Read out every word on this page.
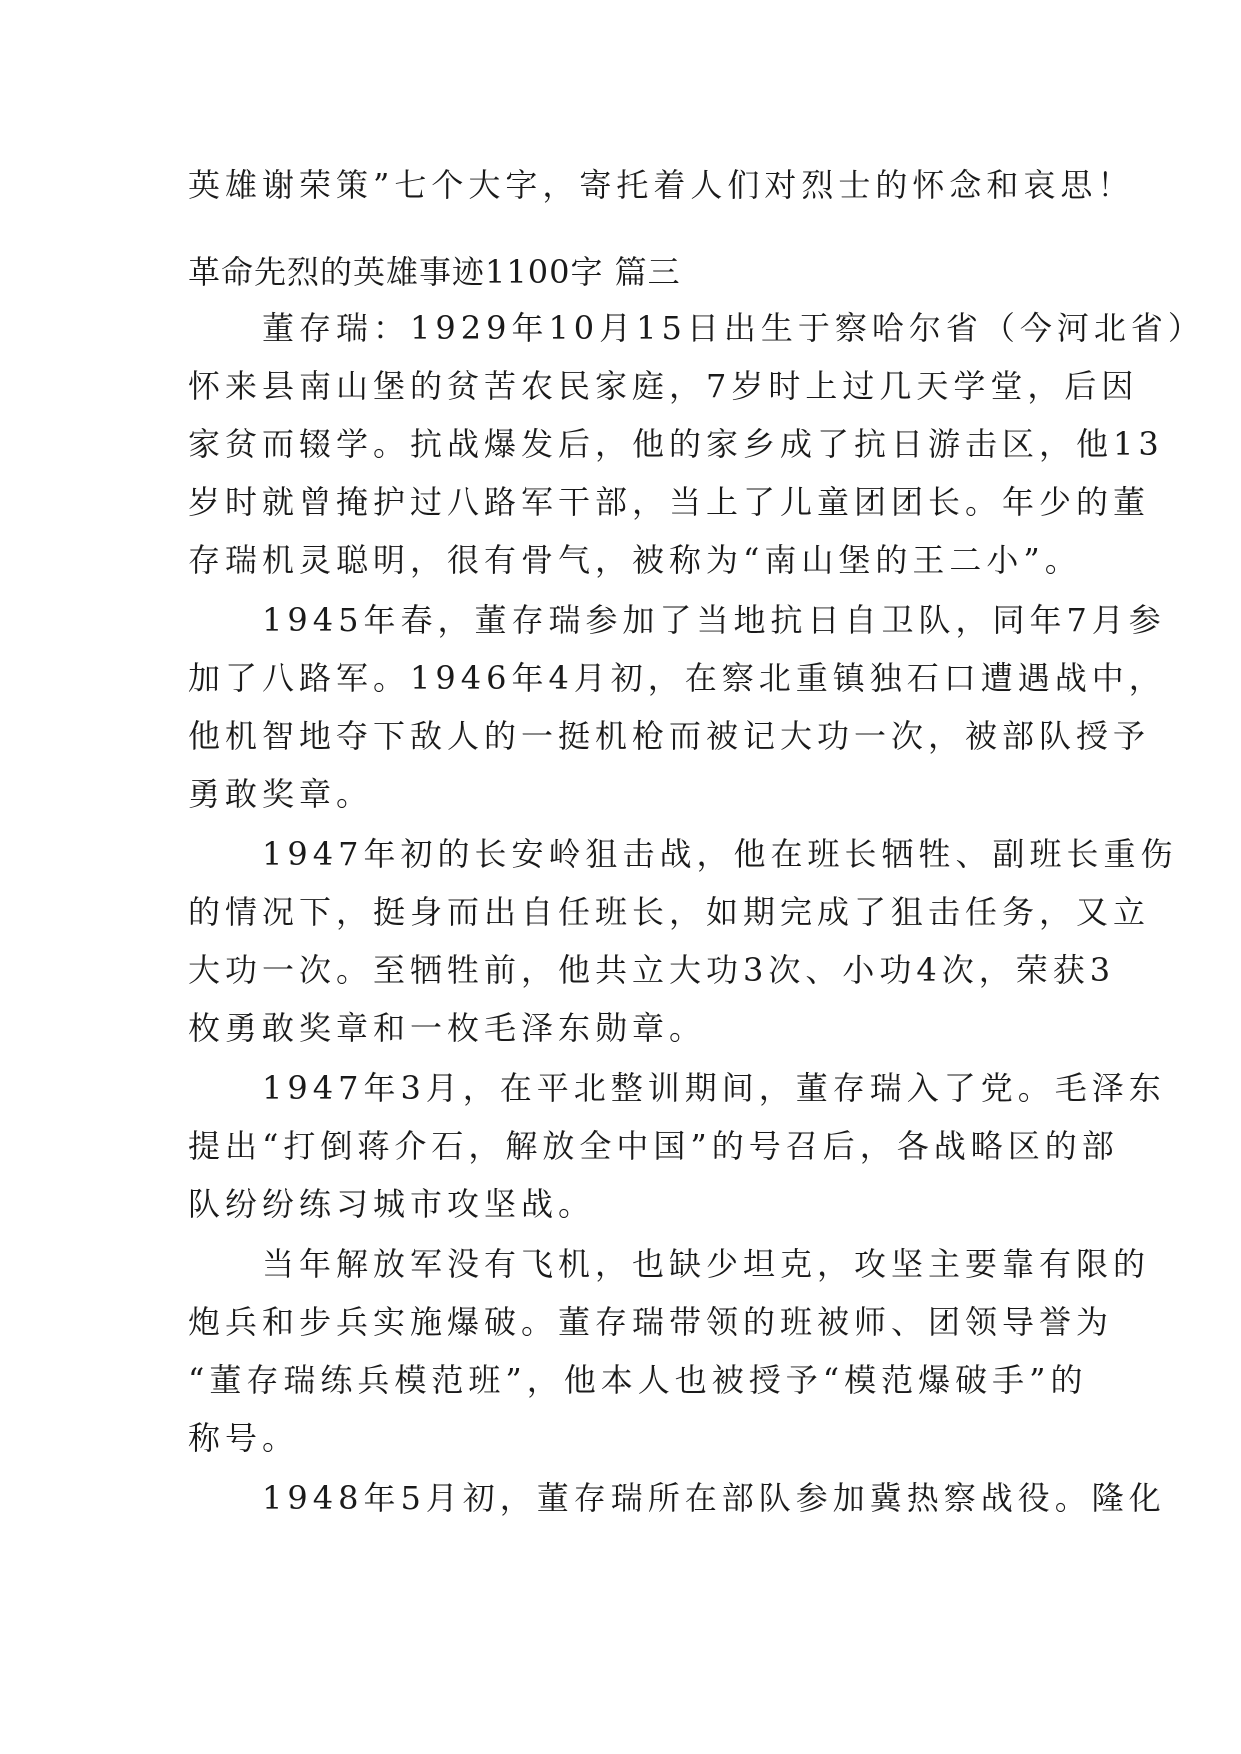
英雄谢荣策”七个大字，寄托着人们对烈士的怀念和哀思！
革命先烈的英雄事迹1100字 篇三
　　董存瑞：1929年10月15日出生于察哈尔省（今河北省）
怀来县南山堡的贫苦农民家庭，7岁时上过几天学堂，后因
家贫而辍学。抗战爆发后，他的家乡成了抗日游击区，他13
岁时就曾掩护过八路军干部，当上了儿童团团长。年少的董
存瑞机灵聪明，很有骨气，被称为“南山堡的王二小”。
　　1945年春，董存瑞参加了当地抗日自卫队，同年7月参
加了八路军。1946年4月初，在察北重镇独石口遭遇战中，
他机智地夺下敌人的一挺机枪而被记大功一次，被部队授予
勇敢奖章。
　　1947年初的长安岭狙击战，他在班长牺牲、副班长重伤
的情况下，挺身而出自任班长，如期完成了狙击任务，又立
大功一次。至牺牲前，他共立大功3次、小功4次，荣获3
枚勇敢奖章和一枚毛泽东勋章。
　　1947年3月，在平北整训期间，董存瑞入了党。毛泽东
提出“打倒蒋介石，解放全中国”的号召后，各战略区的部
队纷纷练习城市攻坚战。
　　当年解放军没有飞机，也缺少坦克，攻坚主要靠有限的
炮兵和步兵实施爆破。董存瑞带领的班被师、团领导誉为
“董存瑞练兵模范班”，他本人也被授予“模范爆破手”的
称号。
　　1948年5月初，董存瑞所在部队参加冀热察战役。隆化
